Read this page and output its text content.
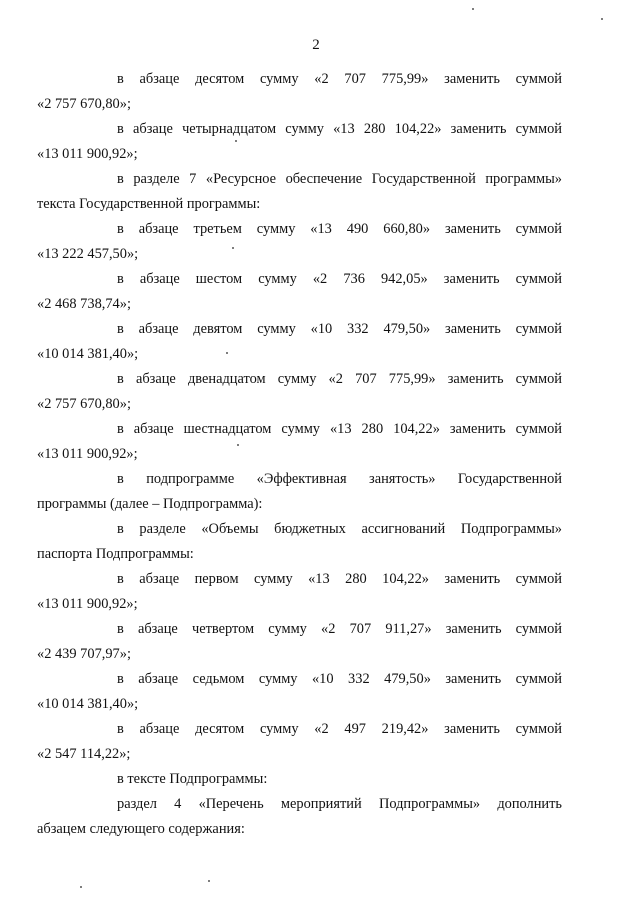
2

в абзаце десятом сумму «2 707 775,99» заменить суммой
«2 757 670,80»;

в абзаце четырнадцатом сумму «13 280 104,22» заменить суммой
«13 011 900,92»;

в разделе 7 «Ресурсное обеспечение Государственной программы»
текста Государственной программы:

в абзаце третьем сумму «13 490 660,80» заменить суммой
«13 222 457,50»;

в абзаце шестом сумму «2 736 942,05» заменить суммой
«2 468 738,74»;

в абзаце девятом сумму «10 332 479,50» заменить суммой
«10 014 381,40»;

в абзаце двенадцатом сумму «2 707 775,99» заменить суммой
«2 757 670,80»;

в абзаце шестнадцатом сумму «13 280 104,22» заменить суммой
«13 011 900,92»;

в подпрограмме «Эффективная занятость» Государственной
программы (далее – Подпрограмма):

в разделе «Объемы бюджетных ассигнований Подпрограммы»
паспорта Подпрограммы:

в абзаце первом сумму «13 280 104,22» заменить суммой
«13 011 900,92»;

в абзаце четвертом сумму «2 707 911,27» заменить суммой
«2 439 707,97»;

в абзаце седьмом сумму «10 332 479,50» заменить суммой
«10 014 381,40»;

в абзаце десятом сумму «2 497 219,42» заменить суммой
«2 547 114,22»;

в тексте Подпрограммы:

раздел 4 «Перечень мероприятий Подпрограммы» дополнить
абзацем следующего содержания:
